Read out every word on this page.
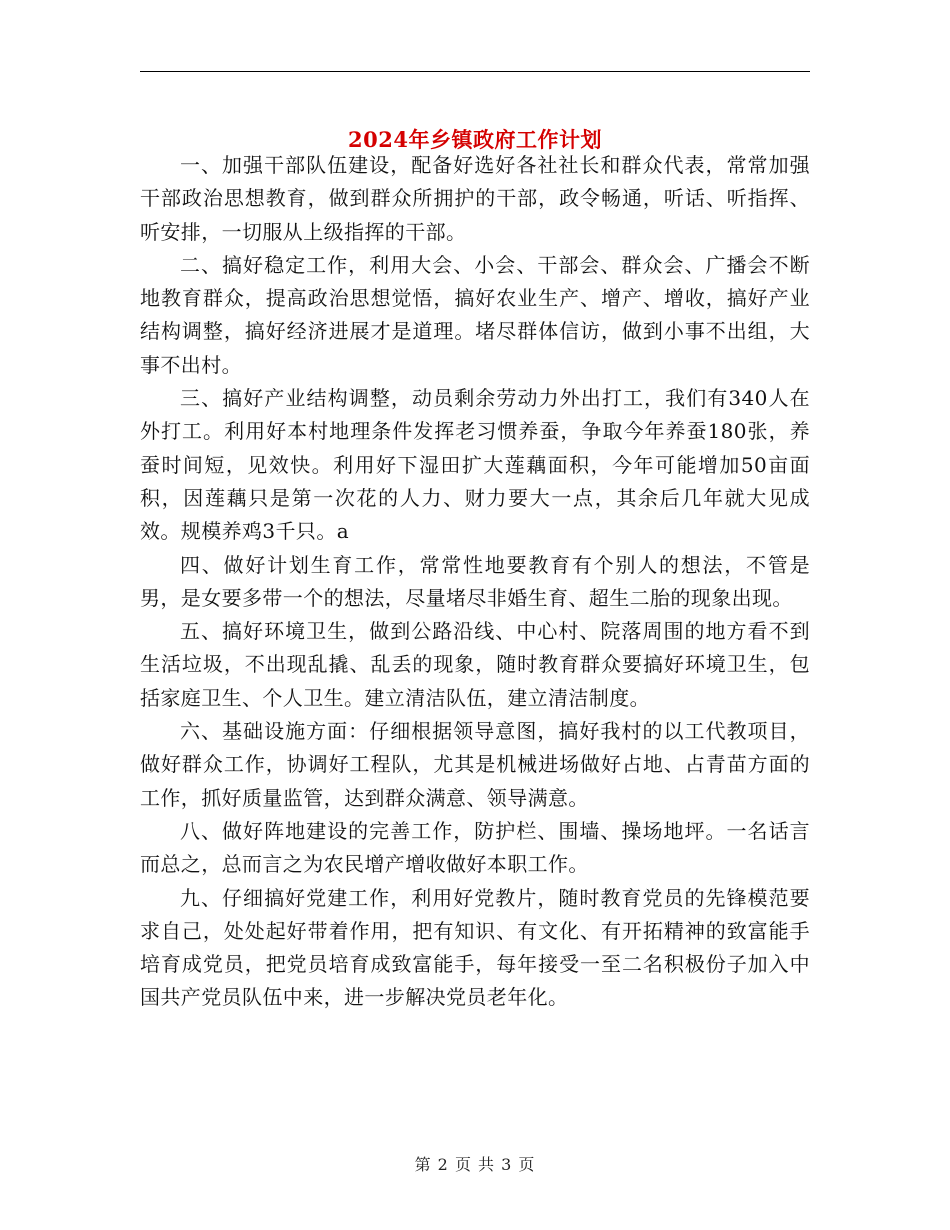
2024年乡镇政府工作计划

一、加强干部队伍建设，配备好选好各社社长和群众代表，常常加强干部政治思想教育，做到群众所拥护的干部，政令畅通，听话、听指挥、听安排，一切服从上级指挥的干部。

二、搞好稳定工作，利用大会、小会、干部会、群众会、广播会不断地教育群众，提高政治思想觉悟，搞好农业生产、增产、增收，搞好产业结构调整，搞好经济进展才是道理。堵尽群体信访，做到小事不出组，大事不出村。

三、搞好产业结构调整，动员剩余劳动力外出打工，我们有340人在外打工。利用好本村地理条件发挥老习惯养蚕，争取今年养蚕180张，养蚕时间短，见效快。利用好下湿田扩大莲藕面积，今年可能增加50亩面积，因莲藕只是第一次花的人力、财力要大一点，其余后几年就大见成效。规模养鸡3千只。a

四、做好计划生育工作，常常性地要教育有个别人的想法，不管是男，是女要多带一个的想法，尽量堵尽非婚生育、超生二胎的现象出现。

五、搞好环境卫生，做到公路沿线、中心村、院落周围的地方看不到生活垃圾，不出现乱撬、乱丢的现象，随时教育群众要搞好环境卫生，包括家庭卫生、个人卫生。建立清洁队伍，建立清洁制度。

六、基础设施方面：仔细根据领导意图，搞好我村的以工代教项目，做好群众工作，协调好工程队，尤其是机械进场做好占地、占青苗方面的工作，抓好质量监管，达到群众满意、领导满意。

八、做好阵地建设的完善工作，防护栏、围墙、操场地坪。一名话言而总之，总而言之为农民增产增收做好本职工作。

九、仔细搞好党建工作，利用好党教片，随时教育党员的先锋模范要求自己，处处起好带着作用，把有知识、有文化、有开拓精神的致富能手培育成党员，把党员培育成致富能手，每年接受一至二名积极份子加入中国共产党员队伍中来，进一步解决党员老年化。

第 2 页 共 3 页
